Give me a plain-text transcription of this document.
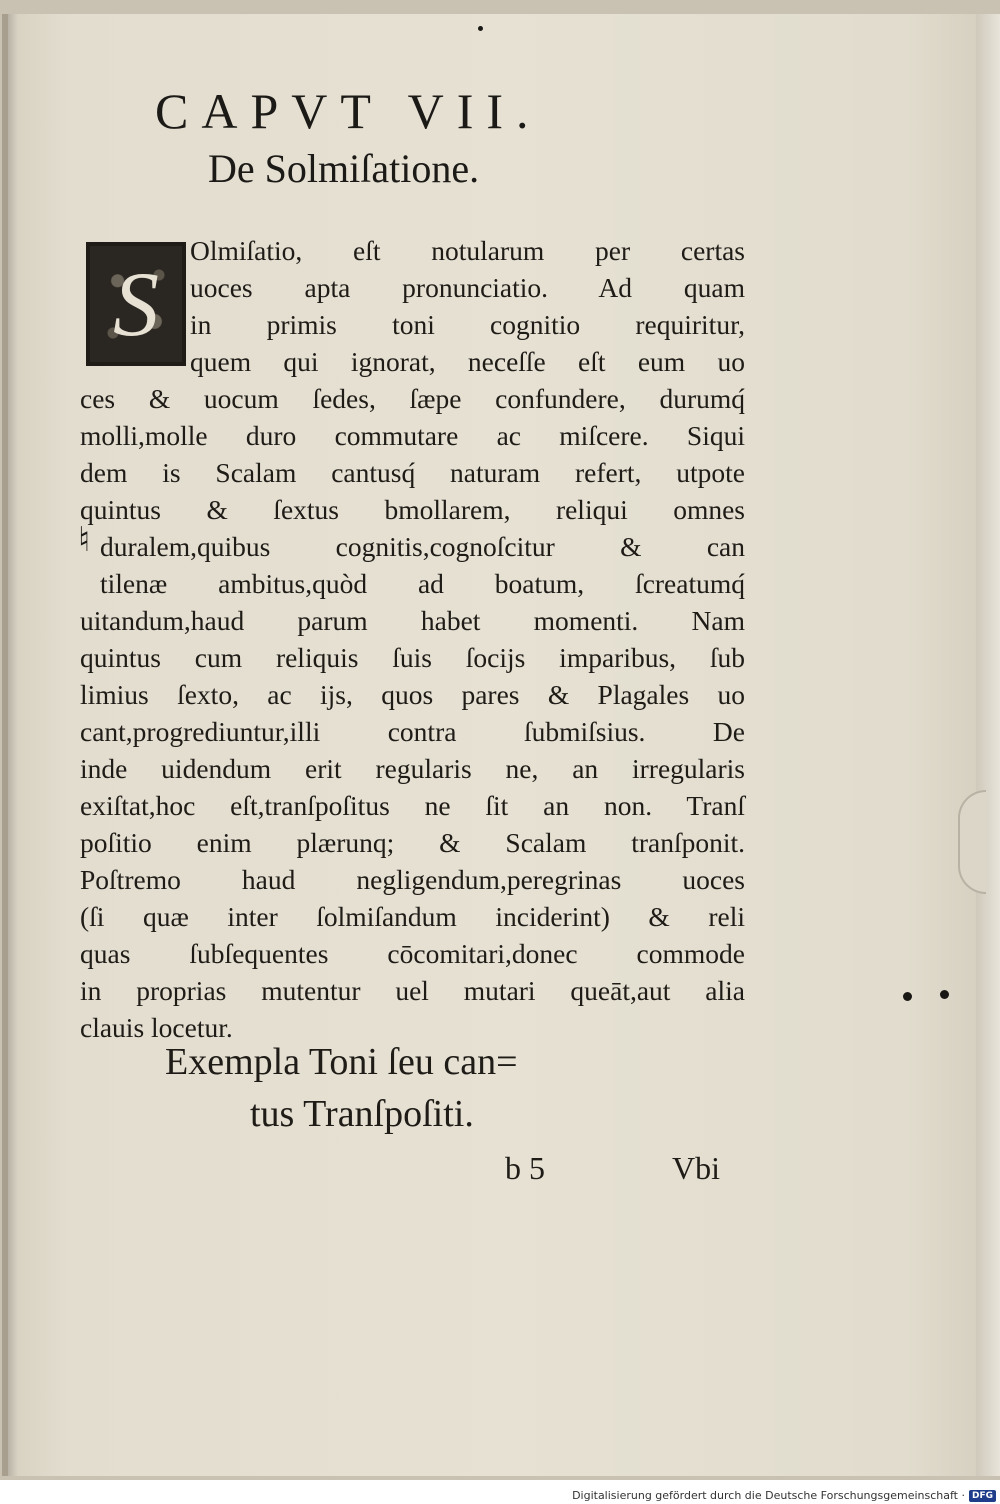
CAPVT VII.
De Solmiſatione.
S
Olmiſatio, eſt notularum per certas
uoces apta pronunciatio. Ad quam
in primis toni cognitio requiritur,
quem qui ignorat, neceſſe eſt eum uo
ces & uocum ſedes, ſæpe confundere, durumq́
molli,molle duro commutare ac miſcere. Siqui
dem is Scalam cantusq́ naturam refert, utpote
quintus & ſextus bmollarem, reliqui omnes
duralem,quibus cognitis,cognoſcitur & can
tilenæ ambitus,quòd ad boatum, ſcreatumq́
uitandum,haud parum habet momenti. Nam
quintus cum reliquis ſuis ſocijs imparibus, ſub
limius ſexto, ac ijs, quos pares & Plagales uo
cant,progrediuntur,illi contra ſubmiſsius. De
inde uidendum erit regularis ne, an irregularis
exiſtat,hoc eſt,tranſpoſitus ne ſit an non. Tranſ
poſitio enim plærunq; & Scalam tranſponit.
Poſtremo haud negligendum,peregrinas uoces
(ſi quæ inter ſolmiſandum inciderint) & reli
quas ſubſequentes cōcomitari,donec commode
in proprias mutentur uel mutari queāt,aut alia
clauis locetur.
♮
Exempla Toni ſeu can=
tus Tranſpoſiti.
b 5	Vbi
Digitalisierung gefördert durch die Deutsche Forschungsgemeinschaft · DFG
